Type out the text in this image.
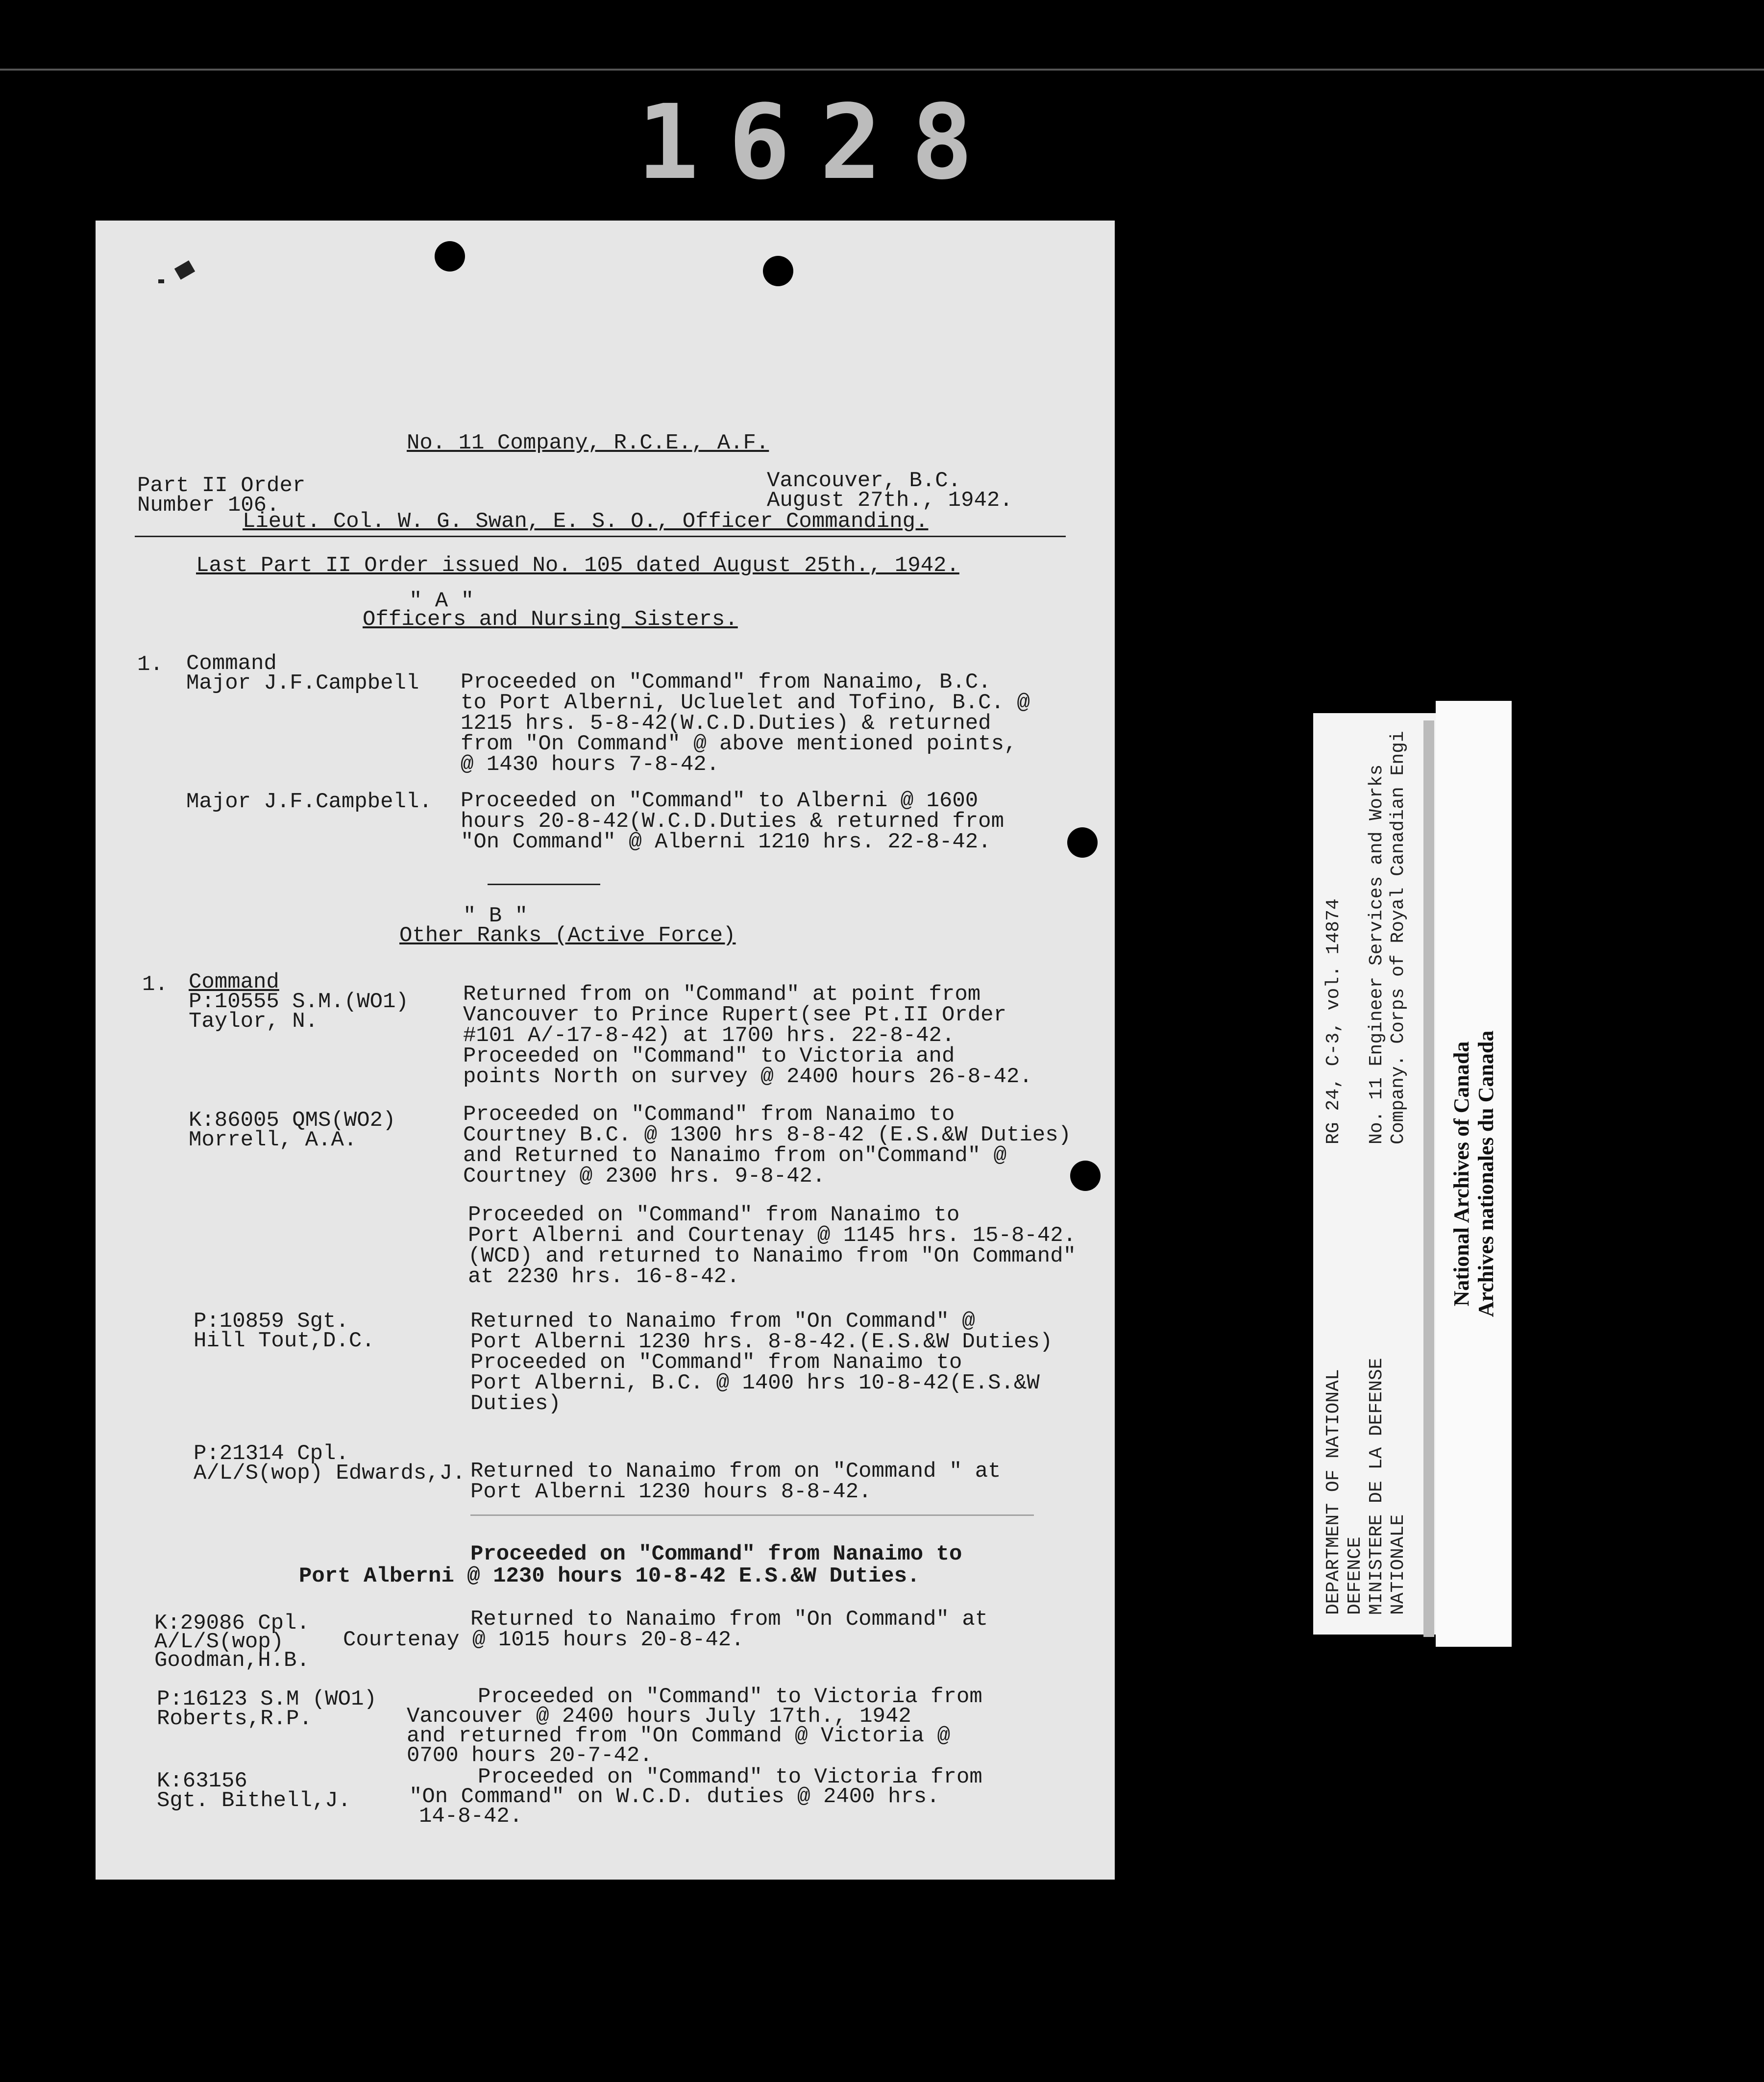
1628
No. 11 Company, R.C.E., A.F.
Part II Order
Number 106.
Vancouver, B.C.
August 27th., 1942.
Lieut. Col. W. G. Swan, E. S. O., Officer Commanding.
Last Part II Order issued No. 105 dated August 25th., 1942.
" A "
Officers and Nursing Sisters.
1. Command
Major J.F.Campbell Proceeded on "Command" from Nanaimo, B.C.
to Port Alberni, Ucluelet and Tofino, B.C. @
1215 hrs. 5-8-42(W.C.D.Duties) & returned
from "On Command" @ above mentioned points,
@ 1430 hours 7-8-42.
Major J.F.Campbell. Proceeded on "Command" to Alberni @ 1600
hours 20-8-42(W.C.D.Duties & returned from
"On Command" @ Alberni 1210 hrs. 22-8-42.
" B "
Other Ranks (Active Force)
1. Command
P:10555 S.M.(WO1)
Taylor, N.
Returned from on "Command" at point from
Vancouver to Prince Rupert(see Pt.II Order
#101 A/-17-8-42) at 1700 hrs. 22-8-42.
Proceeded on "Command" to Victoria and
points North on survey @ 2400 hours 26-8-42.
K:86005 QMS(WO2)
Morrell, A.A.
Proceeded on "Command" from Nanaimo to
Courtney B.C. @ 1300 hrs 8-8-42 (E.S.&W Duties)
and Returned to Nanaimo from on"Command" @
Courtney @ 2300 hrs. 9-8-42.
Proceeded on "Command" from Nanaimo to
Port Alberni and Courtenay @ 1145 hrs. 15-8-42.
(WCD) and returned to Nanaimo from "On Command"
at 2230 hrs. 16-8-42.
P:10859 Sgt.
Hill Tout,D.C.
Returned to Nanaimo from "On Command" @
Port Alberni 1230 hrs. 8-8-42.(E.S.&W Duties)
Proceeded on "Command" from Nanaimo to
Port Alberni, B.C. @ 1400 hrs 10-8-42(E.S.&W
Duties)
P:21314 Cpl.
A/L/S(wop) Edwards,J. Returned to Nanaimo from on "Command " at
Port Alberni 1230 hours 8-8-42.
Proceeded on "Command" from Nanaimo to
Port Alberni @ 1230 hours 10-8-42 E.S.&W Duties.
K:29086 Cpl.
A/L/S(wop)
Goodman,H.B.
Returned to Nanaimo from "On Command" at
Courtenay @ 1015 hours 20-8-42.
P:16123 S.M (WO1)
Roberts,R.P.
Proceeded on "Command" to Victoria from
Vancouver @ 2400 hours July 17th., 1942
and returned from "On Command @ Victoria @
0700 hours 20-7-42.
K:63156
Sgt. Bithell,J.
Proceeded on "Command" to Victoria from
"On Command" on W.C.D. duties @ 2400 hrs.
14-8-42.
DEPARTMENT OF NATIONAL DEFENCE MINISTERE DE LA DEFENSE NATIONALE
RG 24, C-3, vol. 14874 No. 11 Engineer Services and Works Company. Corps of Royal Canadian Engi
National Archives of Canada Archives nationales du Canada
